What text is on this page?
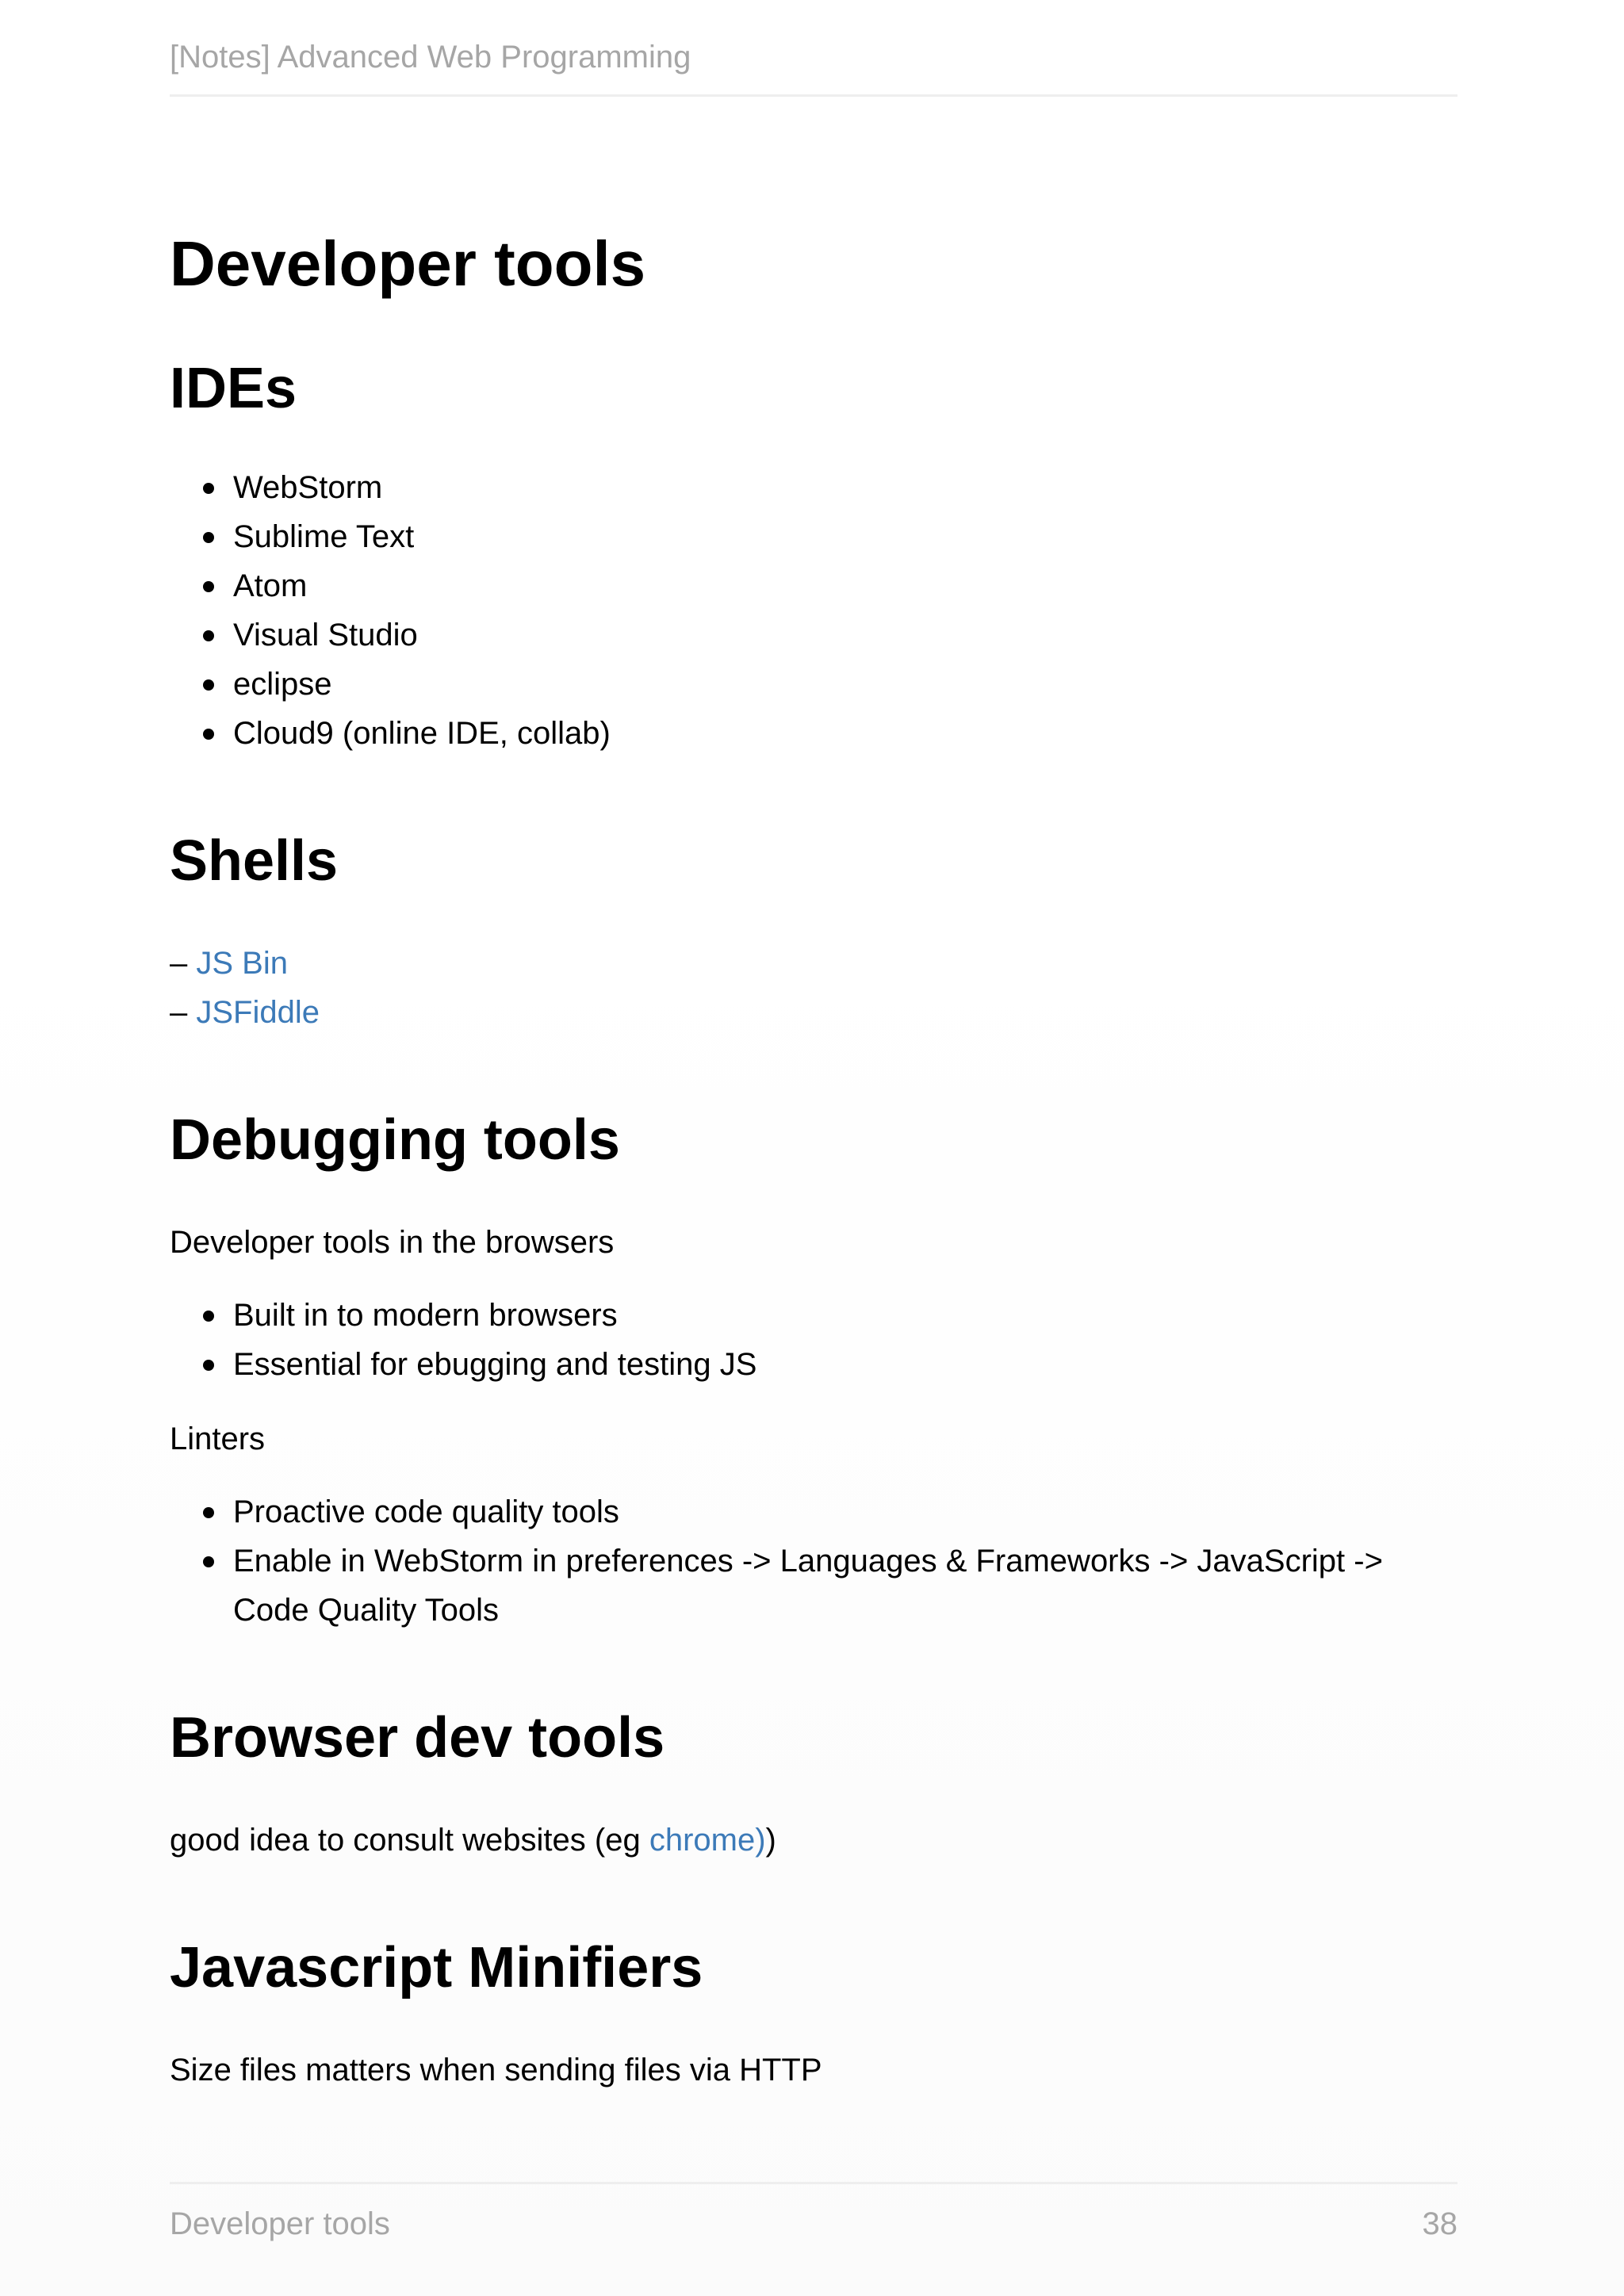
[Notes] Advanced Web Programming
Developer tools
IDEs
WebStorm
Sublime Text
Atom
Visual Studio
eclipse
Cloud9 (online IDE, collab)
Shells
– JS Bin
– JSFiddle
Debugging tools

Developer tools in the browsers

Built in to modern browsers
Essential for ebugging and testing JS

Linters

Proactive code quality tools
Enable in WebStorm in preferences -> Languages & Frameworks -> JavaScript -> Code Quality Tools
Browser dev tools

good idea to consult websites (eg chrome))

Javascript Minifiers

Size files matters when sending files via HTTP

Developer tools	38
